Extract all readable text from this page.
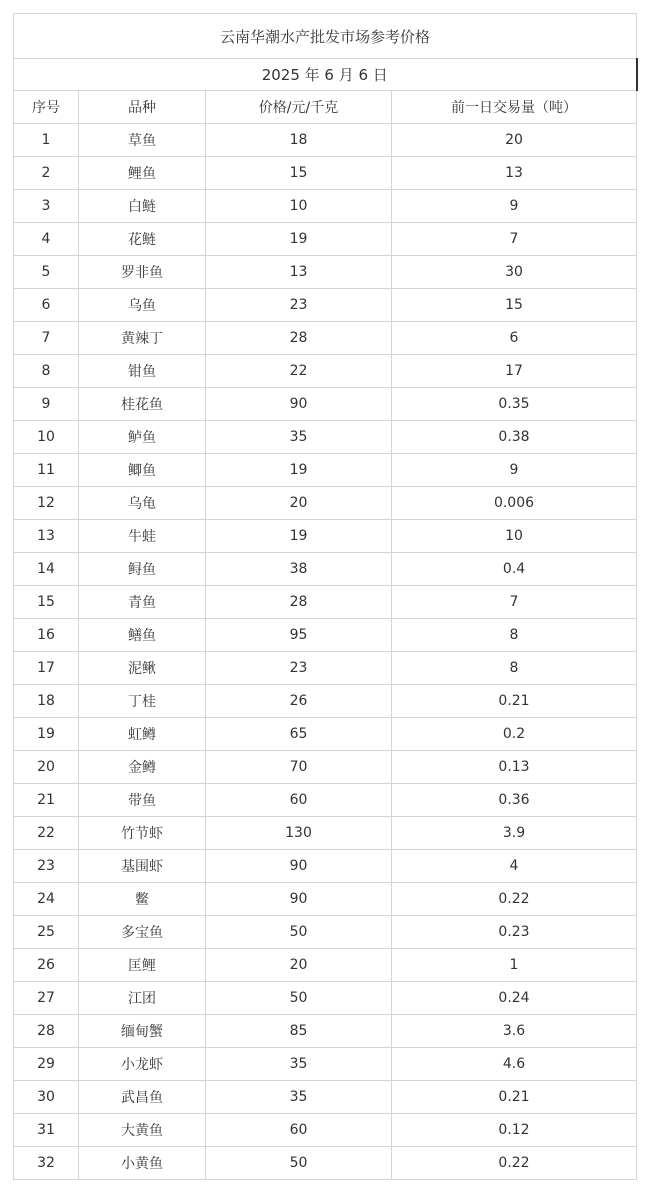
云南华潮水产批发市场参考价格			
2025 年 6 月 6 日			
序号	品种	价格/元/千克	前一日交易量（吨）
1	草鱼	18	20
2	鲤鱼	15	13
3	白鲢	10	9
4	花鲢	19	7
5	罗非鱼	13	30
6	乌鱼	23	15
7	黄辣丁	28	6
8	钳鱼	22	17
9	桂花鱼	90	0.35
10	鲈鱼	35	0.38
11	鲫鱼	19	9
12	乌龟	20	0.006
13	牛蛙	19	10
14	鲟鱼	38	0.4
15	青鱼	28	7
16	鳝鱼	95	8
17	泥鳅	23	8
18	丁桂	26	0.21
19	虹鳟	65	0.2
20	金鳟	70	0.13
21	带鱼	60	0.36
22	竹节虾	130	3.9
23	基围虾	90	4
24	鳖	90	0.22
25	多宝鱼	50	0.23
26	匡鲤	20	1
27	江团	50	0.24
28	缅甸蟹	85	3.6
29	小龙虾	35	4.6
30	武昌鱼	35	0.21
31	大黄鱼	60	0.12
32	小黄鱼	50	0.22
